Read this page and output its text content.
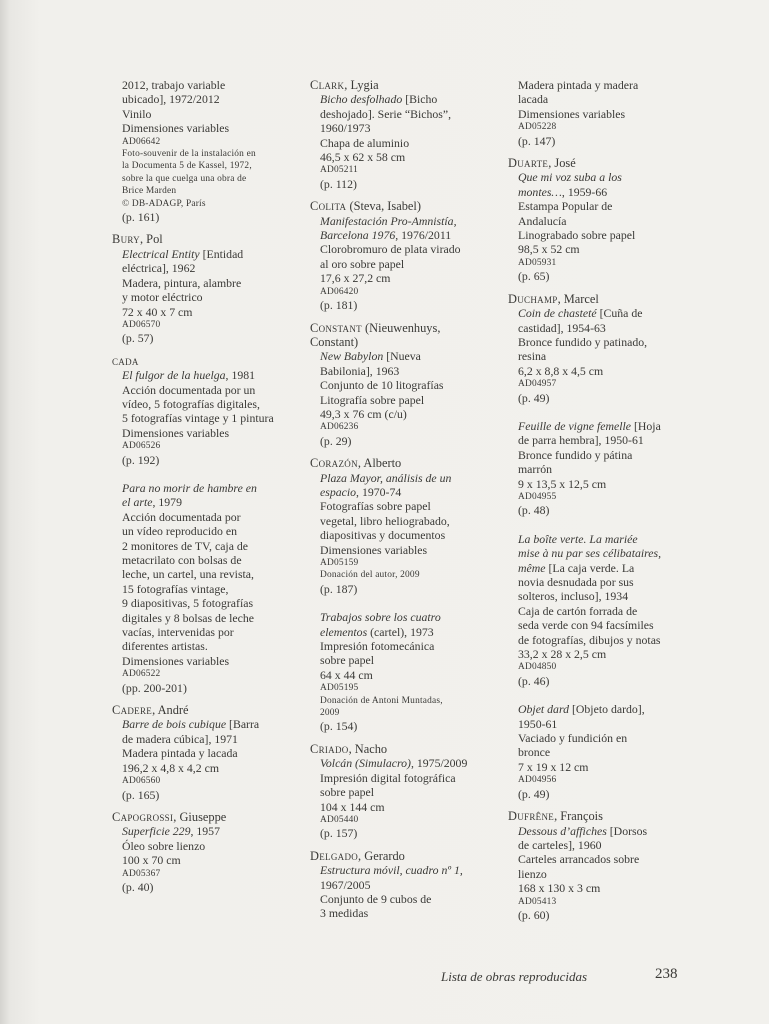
2012, trabajo variable
ubicado], 1972/2012
Vinilo
Dimensiones variables
AD06642
Foto-souvenir de la instalación en
la Documenta 5 de Kassel, 1972,
sobre la que cuelga una obra de
Brice Marden
© DB-ADAGP, París
(p. 161)
Bury, Pol
Electrical Entity [Entidad
eléctrica], 1962
Madera, pintura, alambre
y motor eléctrico
72 x 40 x 7 cm
AD06570
(p. 57)
cada
El fulgor de la huelga, 1981
Acción documentada por un
vídeo, 5 fotografías digitales,
5 fotografías vintage y 1 pintura
Dimensiones variables
AD06526
(p. 192)
Para no morir de hambre en
el arte, 1979
Acción documentada por
un vídeo reproducido en
2 monitores de TV, caja de
metacrilato con bolsas de
leche, un cartel, una revista,
15 fotografías vintage,
9 diapositivas, 5 fotografías
digitales y 8 bolsas de leche
vacías, intervenidas por
diferentes artistas.
Dimensiones variables
AD06522
(pp. 200-201)
Cadere, André
Barre de bois cubique [Barra
de madera cúbica], 1971
Madera pintada y lacada
196,2 x 4,8 x 4,2 cm
AD06560
(p. 165)
Capogrossi, Giuseppe
Superficie 229, 1957
Óleo sobre lienzo
100 x 70 cm
AD05367
(p. 40)
Clark, Lygia
Bicho desfolhado [Bicho
deshojado]. Serie “Bichos”,
1960/1973
Chapa de aluminio
46,5 x 62 x 58 cm
AD05211
(p. 112)
Colita (Steva, Isabel)
Manifestación Pro-Amnistía,
Barcelona 1976, 1976/2011
Clorobromuro de plata virado
al oro sobre papel
17,6 x 27,2 cm
AD06420
(p. 181)
Constant (Nieuwenhuys,
Constant)
New Babylon [Nueva
Babilonia], 1963
Conjunto de 10 litografías
Litografía sobre papel
49,3 x 76 cm (c/u)
AD06236
(p. 29)
Corazón, Alberto
Plaza Mayor, análisis de un
espacio, 1970-74
Fotografías sobre papel
vegetal, libro heliograbado,
diapositivas y documentos
Dimensiones variables
AD05159
Donación del autor, 2009
(p. 187)
Trabajos sobre los cuatro
elementos (cartel), 1973
Impresión fotomecánica
sobre papel
64 x 44 cm
AD05195
Donación de Antoni Muntadas,
2009
(p. 154)
Criado, Nacho
Volcán (Simulacro), 1975/2009
Impresión digital fotográfica
sobre papel
104 x 144 cm
AD05440
(p. 157)
Delgado, Gerardo
Estructura móvil, cuadro nº 1,
1967/2005
Conjunto de 9 cubos de
3 medidas
Madera pintada y madera
lacada
Dimensiones variables
AD05228
(p. 147)
Duarte, José
Que mi voz suba a los
montes…, 1959-66
Estampa Popular de
Andalucía
Linograbado sobre papel
98,5 x 52 cm
AD05931
(p. 65)
Duchamp, Marcel
Coin de chasteté [Cuña de
castidad], 1954-63
Bronce fundido y patinado,
resina
6,2 x 8,8 x 4,5 cm
AD04957
(p. 49)
Feuille de vigne femelle [Hoja
de parra hembra], 1950-61
Bronce fundido y pátina
marrón
9 x 13,5 x 12,5 cm
AD04955
(p. 48)
La boîte verte. La mariée
mise à nu par ses célibataires,
même [La caja verde. La
novia desnudada por sus
solteros, incluso], 1934
Caja de cartón forrada de
seda verde con 94 facsímiles
de fotografías, dibujos y notas
33,2 x 28 x 2,5 cm
AD04850
(p. 46)
Objet dard [Objeto dardo],
1950-61
Vaciado y fundición en
bronce
7 x 19 x 12 cm
AD04956
(p. 49)
Dufrêne, François
Dessous d’affiches [Dorsos
de carteles], 1960
Carteles arrancados sobre
lienzo
168 x 130 x 3 cm
AD05413
(p. 60)
Lista de obras reproducidas	238
